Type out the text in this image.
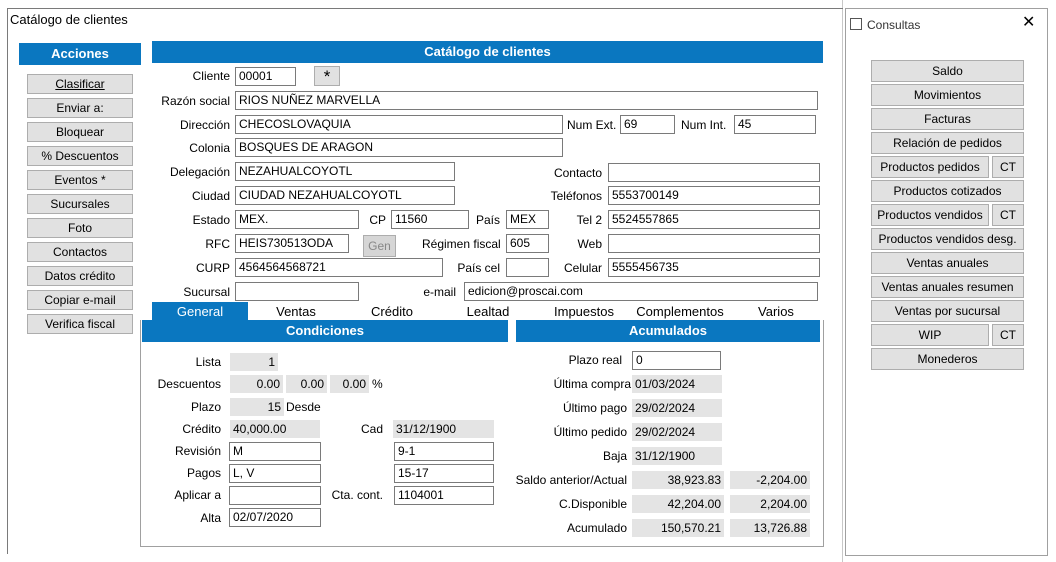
Catálogo de clientes
Acciones
Clasificar
Enviar a:
Bloquear
% Descuentos
Eventos *
Sucursales
Foto
Contactos
Datos crédito
Copiar e-mail
Verifica fiscal
Catálogo de clientes
Cliente 00001	*
Razón social RIOS NUÑEZ MARVELLA
Dirección CHECOSLOVAQUIA	Num Ext. 69	Num Int. 45
Colonia BOSQUES DE ARAGON
Delegación NEZAHUALCOYOTL	Contacto
Ciudad CIUDAD NEZAHUALCOYOTL	Teléfonos 5553700149
Estado MEX.	CP 11560	País MEX	Tel 2 5524557865
RFC HEIS730513ODA	Gen	Régimen fiscal 605	Web
CURP 4564564568721	País cel	Celular 5555456735
Sucursal	e-mail	edicion@proscai.com
General	Ventas	Crédito	Lealtad	Impuestos	Complementos	Varios
Condiciones	Acumulados
Lista	1
Descuentos	0.00	0.00	0.00 %
Plazo	15 Desde
Crédito 40,000.00	Cad 31/12/1900
Revisión	M	9-1
Pagos	L, V	15-17
Aplicar a	Cta. cont.	1104001
Alta	02/07/2020
Plazo real	0
Última compra 01/03/2024
Último pago 29/02/2024
Último pedido 29/02/2024
Baja 31/12/1900
Saldo anterior/Actual	38,923.83	-2,204.00
C.Disponible	42,204.00	2,204.00
Acumulado	150,570.21	13,726.88
Consultas	✕
Saldo
Movimientos
Facturas
Relación de pedidos
Productos pedidos	CT
Productos cotizados
Productos vendidos	CT
Productos vendidos desg.
Ventas anuales
Ventas anuales resumen
Ventas por sucursal
WIP	CT
Monederos
